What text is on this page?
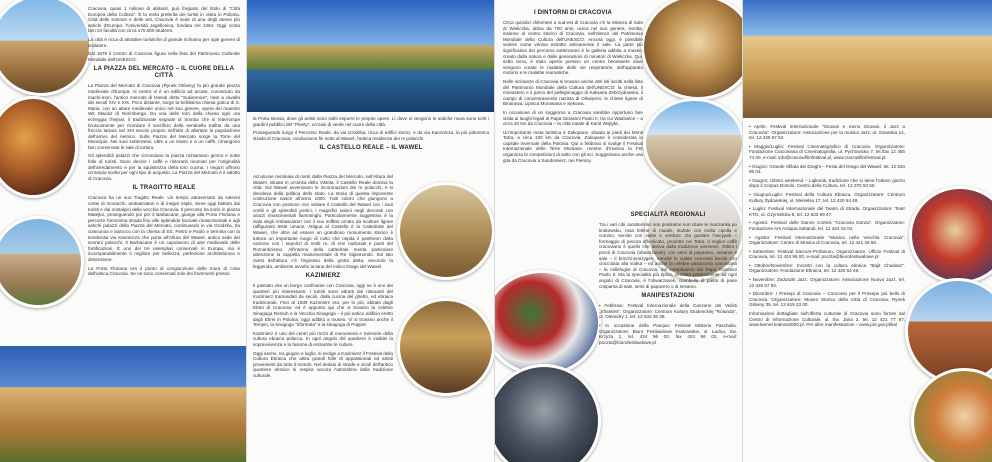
Cracovia, quasi 1 milione di abitanti, può fregiarsi del titolo di "Città Europea della Cultura". È la meta preferita dei turisti in visita in Polonia. Città delle scienze e delle arti, Cracovia è sede di una degli atenei più antichi d'Europa: l'Università Jagellonica, fondata nel 1364. Oggi conta ben 24 facoltà con circa 170.000 studenti.

La città è ricca di attrattive turistiche di grande richiamo per ogni genere di visitatore.

Dal 1978 il Centro di Cracovia figura nella lista del Patrimonio Culturale Mondiale dell'UNESCO.

LA PIAZZA DEL MERCATO – IL CUORE DELLA CITTÀ

La Piazza del Mercato di Cracovia (Rynek Główny) fa più grande piazza medievale d'Europa. Al centro vi è un edificio ad arcate, conosciuto da machi-mori, l'antico mercato di tessuti detto "Sukiennice", nato a cavallo dei secoli XIV e XIX. Poco distante, sorge la bellissima chiesa gotica di S. Maria, con un altare medievale unico nel suo genere, opera del maestro Wit Stwosz di Norimberga. Da una delle torri della chiesa ogni ora echeggia l'hejnał, il tradizionale segnale di tromba che si interrompe bruscamente per ricordare il sacrificio della sentinella trafitta da una freccia tartara nel XIII secolo proprio nell'atto di allertare la popolazione dell'arrivo del nemico. Sulla Piazza del Mercato sorge la Torre del Municipio. Nei suoi sotterranei, oltre a un teatro e a un caffè, rimangono ben conservate le sale di tortura.

Gli splendidi palazzi che circondano la piazza richiamano giorno e notte folle di turisti. Sono decine i caffè e ristoranti rinomati per l'originalità dell'arredamento e per la squisitezza della loro cucina. I negozi offrono un'ampia scelta per ogni tipo di acquisto. La Piazza del Mercato è il salotto di Cracovia.

IL TRAGITTO REALE

Cracovia ha un suo Tragitto Reale. Un tempo attraversato da solenni cortei di monarchi, ambasciatori e di insigni ospiti, viene oggi battuto dai turisti e dai nostalgici della vecchia Cracovia. Il percorso ha inizio in piazza Matejko, proseguendo poi per il Barbacane, giunge alla Porta Floriana e percorre l'omonima strada fino alle splendide facciate rinascimentali e agli antichi palazzi della Piazza del Mercato, continuando in via Grodzka, tra ciascunoa e barocco con la chiesa di SS. Pietro e Paolo e termina con la tenebrosa via Kanonicza che porta all'Altura del Wawel, antica sede dei sovrani polacchi. Il Barbacane è un capolavoro di arte medievale delle fortificazioni. È uno dei tre esemplari conservati in Europa, ma è incomparabilmente il migliore per bellezza, perfezione architettonica e dimensione.

La Porta Floriana era il punto di congiunzione delle mura di cinta dell'antica Cracovia. Se ne sono conservati solo dei frammenti presso

la Porta stessa, dove gli artisti sono soliti esporre le proprie opere. Lì dove si vengono le antiche mura sono sorti i giardini pubblici del "Planty", un'oasi di verde nel cuore della città.

Proseguendo lungo il Percorso Reale, da via Grodzka, ricca di edifici storici, e da via Kanonicza, la più pittoresca strada di Cracovia, conduciamo fin sotto al Wawel, l'antica residenza dei re polacchi.

IL CASTELLO REALE – IL WAWEL

Ad alcune centinaia di metri dalla Piazza del Mercato, sull'Altura del Wawel, situato in un'ansa della Vistola, il Castello Reale domina la città. Sul Wawel avvenivano le incoronazioni dei re polacchi, e si decideva della politica dello stato. La storia di questa imponente costruzione nasce all'anno 1000. Tutti coloro che giungono a Cracovia non possono non visitare il Castello del Wawel con i suoi cortili e gli splendidi portici, i magnifici saloni negli decorati con arazzi rinascimentali fiamminghi. Particolarmente suggestiva è la Sala degli Ambasciatori con il suo soffitto ornato da sculture lignee raffiguranti teste umane. Attigua al Castello è la Cattedrale del Wawel, che oltre ad essere un grandioso monumento storico è tuttora un importante luogo di culto che ospita il pantheon della nazione con i sepolcri di molti re, di eroi nazionali e poeti del Romanticismo. All'interno della cattedrale merita particolare attenzione la cappella rinascimentale di Re Sigismondo. Sul lato ovest dell'altura c'è l'ingresso della grotta detta, secondo la leggenda, ambiente avvolto la tana del mitico Drago del Wawel.

KAZIMIERZ

Il passato vira un borgo confinante con Cracovia, oggi ne è uno dei quartieri più interessanti. I turisti sono attratti dai ristoranti del Kazimierz tramandati da secoli, dalla cucina del ghetto, ed ebraica tradizionale. Fino al 1939 Kazimierz era, per lo più, abitato dagli Ebrei di Cracovia: ed è appunto qui che si trovano la celebre Sinagoga Remuh e la Vecchia Sinagoga – il più antico edificio eretto dagli Ebrei in Polonia, oggi adibito a museo. Vi si trovano anche il Tempio, la sinagoga "riformata" e la sinagoga di Popper.

Kazimierz è uno dei centri più ricchi di monumenti e memorie della cultura ebraica polacca. In ogni angolo del quartiere è visibile la sopravvivenza e la fusione di entrambe le culture.

Oggi anche, tra giugno e luglio, si svolge a Kazimierz il Festival della Cultura Ebraica che attira grandi folle di appassionati ed artisti provenienti da tutto il mondo. Nel dedalo di strade e vicoli dell'antico quartiere ebraico si respira ancora l'atmosfera della tradizione culturale.

I DINTORNI DI CRACOVIA

Circa quindici chilometri a sud-est di Cracovia c'è la Miniera di Sale di Wieliczka, attiva da 700 anni, unica nel suo genere, iscritta, insieme al centro storico di Cracovia, nell'elenco del Patrimonio Mondiale della Cultura dell'UNESCO. Ancora oggi, è possibile vedere come veniva estratto anticamente il sale. La parte più significativa del percorso sotterraneo è la galleria adibita a museo, creato dalla natura e dalle generazioni di minatori di Wieliczka. Qui, sotto terra, è stato aperto persino un centro benessere dove vengono curate le malattie delle vie respiratorie, dell'apparato motorio e le malattie reumatiche.

Nelle vicinanze di Cracovia si trovano anche altri siti iscritti nella lista del Patrimonio Mondiale della Cultura dell'UNESCO: la chiesa, il monastero e il parco del pellegrinaggio di Kalwaria Zebrzydowska, il campo di concentramento nazista di Oświęcim; le chiese lignee di Binarowa, Lipnica Murowana e Sękowa.

In occasione di un soggiorno a Cracovia sarebbe opportuno fare visita ai luoghi legati al Papa Giovanni Paolo II, tra cui Wadowice – a circa 40 km da Cracovia – la città natale di Karol Wojtyła.

Un'importante meta turistica è Zakopane, situata ai piedi dei Monti Tatra, a circa 100 km da Cracovia. Zakopane è considerata la capitale invernale della Polonia. Qui a febbraio si svolge il Festival Internazionale delle Terre Montane, mentre d'inverno la FIS organizza le competizioni di salto con gli sci. Suggeriamo anche una gita da Cracovia a Sandomierz, nei Pieniny.

SPECIALITÀ REGIONALI

Tra i vari cibi caratteristici non possiamo non citare le maczanka po krakowsku, rosa fettine di maiale, stufate con molta cipolla e comino, servite con salse e verdure. Da gustare l'oscypek – formaggio di pecora affumicato, prodotto nei Tatra. Il miglior caffè cracoviano è quello che deriva dalla tradizione viennese. Ottimi i precli di Cracovia (obwarzanek), con semi di papavero, sesamo e sale – il bricchi-proizygen, nonché le cialde croccanti farcite con cioccolata alla vodka – ed anche la celebre pasticceria cracoviana – la millefoglie di Cracovia, del compleanno del Papa Giovanni Paolo II. Ma la specialità più tipica, venduta praticamente ad ogni angolo di Cracovia, è l'obwarzanek, ciambella di pasta di pane cosparsa di sale, semi di papavero o di sesamo.

MANIFESTAZIONI

• Febbraio: Festival Internazionale della Canzone dei Velisti „Shanties". Organizzatore: Centrum Kultury Studenckiej "Rotunda", ul. Oleandry 1, tel. 12 633 35 38.

• In occasione della Pasqua: Festival Misteria Paschalia. Organizzatore: Biuro Festiwalowe Krakowskie, ul. Ładna, Sw. Krzyża 1, tel. 424 96 00, fax 424 96 02, e-mail: poczta@biurofestiwalowe.pl

• Aprile: Festival Internazionale "Giovani e meno Giovani, il Jazz a Cracovia". Organizzatore: Associazione per la musica Jazz, ul. Szewska 14, tel. 12 429 57 53.

• Maggio/Luglio: Festival Cinematografico di Cracovia. Organizzatore: Fondazione Cracoviana di Cinematografia, ul. Pychowicka 7, tel./fax 12 455 74 00, e-mail: info@cracowfilmfestival.pl, www.cracowfilmfestival.pl

• Giugno: Grande Sfilata dei Draghi – Festa del Drago del Wawel, tel. 12 633 96 04.

• Giugno: Ultimo weekend – Lajkonik, tradizione che si tiene l'ottavo giorno dopo il Corpus Domini. Centro della Cultura, tel. 12 370 50 50.

• Giugno/Luglio: Festival della Cultura Ebraica. Organizzatore: Centrum Kultury Żydowskiej, ul. Meiselsa 17, tel. 12 430 64 49.

• Luglio: Festival Internazionale del Teatro di Strada. Organizzatore: Teatr KTO, ul. Gzymsików 8, tel. 12 633 89 47.

• Agosto: Festival delle Danze Cortesi "Cracovia Danza". Organizzatore: Fondazione Ars Antiqua Saltandi, tel. 12 424 15 04.

• Agosto: Festival Internazionale "Musica nella Vecchia Cracovia". Organizzatore: Centro di Musica di Cracovia, tel. 12 421 45 66.

• Settembre: Festival Sacrum-Profanum. Organizzatore: Ufficio Festival di Cracovia, tel. 12 424 96 00, e-mail: poczta@biurofestiwalowe.pl

• Ottobre/Novembre: Incontri con la cultura ebraica "Bajit Chadasz". Organizzatore: Fondazione Ebraica, tel. 12 430 64 49.

• Novembre: Zaduszki Jazz. Organizzatore: Associazione Nuovo Jazz, tel. 12 429 57 53.

• Dicembre: I Presepi di Cracovia – Concorso per il Presepe più bello di Cracovia. Organizzatore: Museo Storico della Città di Cracovia, Rynek Główny 35, tel. 12 619 23 00.

Informazioni dettagliate sull'offerta culturale di Cracovia sono fornite dal Centro di Informazione Culturale, ul. Św. Jana 2, tel. 12 421 77 87, www.karnet.krakow2000.pl. Per altre manifestazioni – www.pot.gov.pl/kal
